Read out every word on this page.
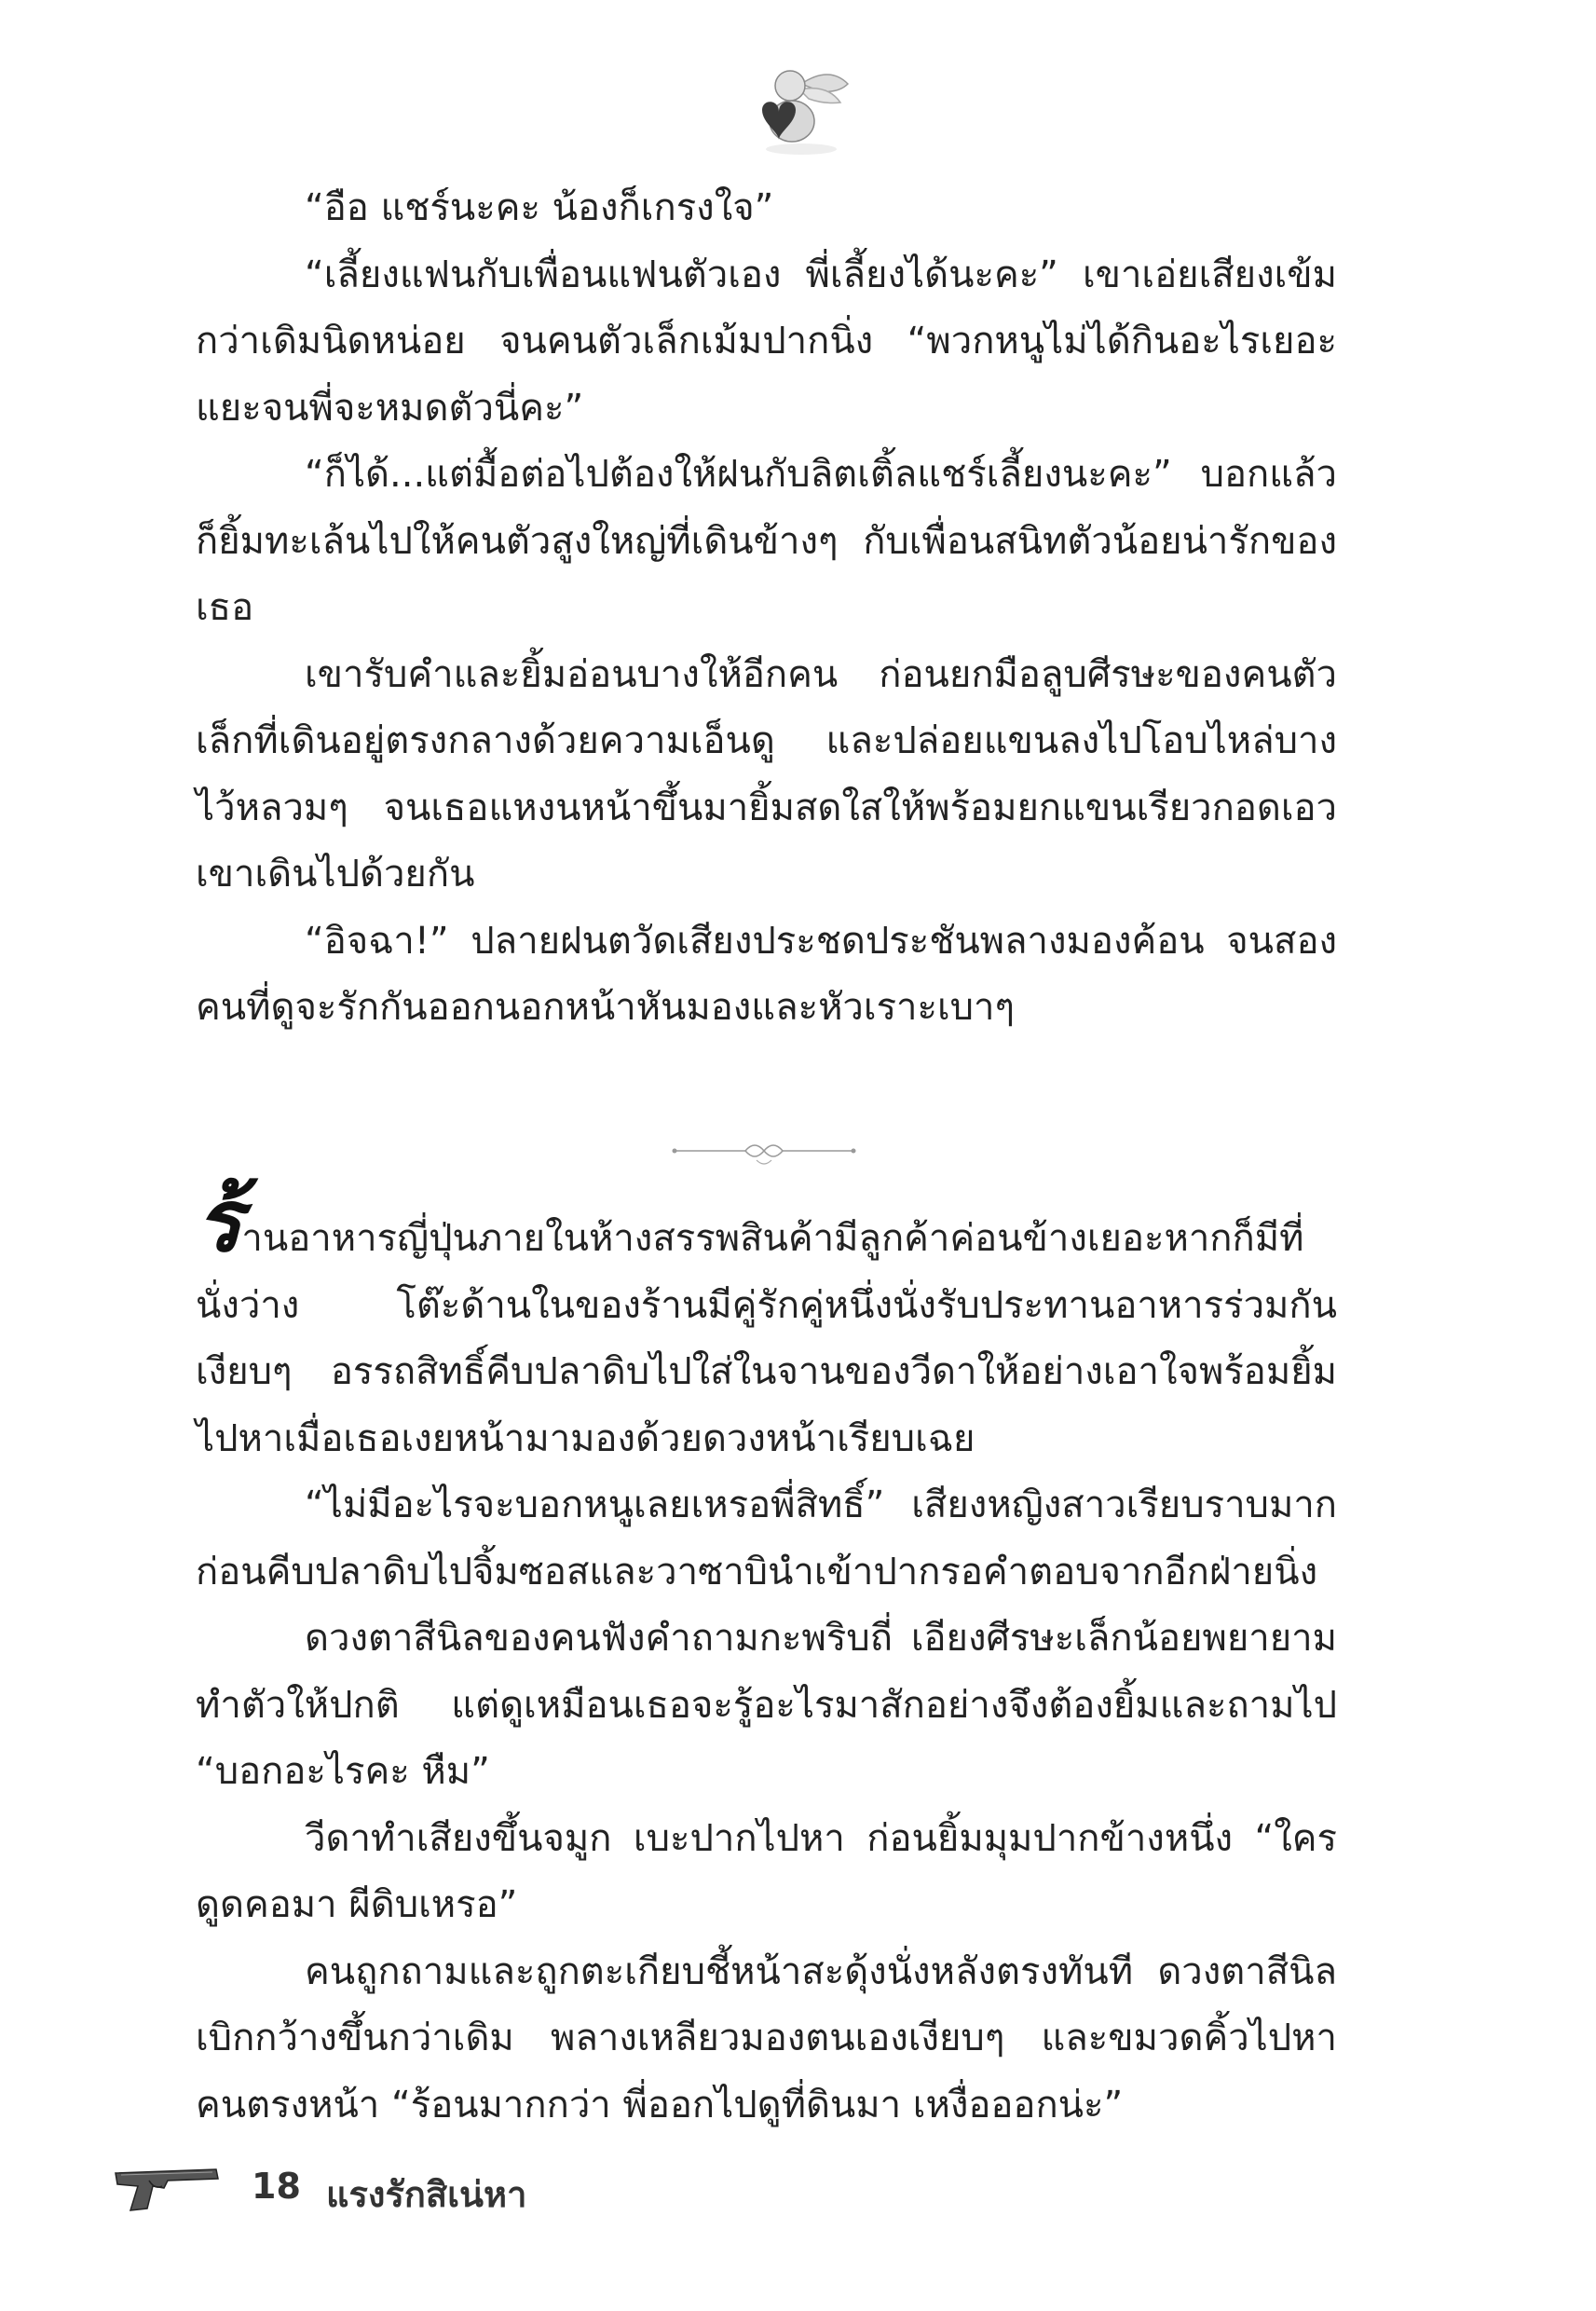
“อือ แชร์นะคะ น้องก็เกรงใจ”

“เลี้ยงแฟนกับเพื่อนแฟนตัวเอง พี่เลี้ยงได้นะคะ” เขาเอ่ยเสียงเข้มกว่าเดิมนิดหน่อย จนคนตัวเล็กเม้มปากนิ่ง “พวกหนูไม่ได้กินอะไรเยอะแยะจนพี่จะหมดตัวนี่คะ”

“ก็ได้...แต่มื้อต่อไปต้องให้ฝนกับลิตเติ้ลแชร์เลี้ยงนะคะ” บอกแล้วก็ยิ้มทะเล้นไปให้คนตัวสูงใหญ่ที่เดินข้างๆ กับเพื่อนสนิทตัวน้อยน่ารักของเธอ

เขารับคำและยิ้มอ่อนบางให้อีกคน ก่อนยกมือลูบศีรษะของคนตัวเล็กที่เดินอยู่ตรงกลางด้วยความเอ็นดู และปล่อยแขนลงไปโอบไหล่บางไว้หลวมๆ จนเธอแหงนหน้าขึ้นมายิ้มสดใสให้พร้อมยกแขนเรียวกอดเอวเขาเดินไปด้วยกัน

“อิจฉา!” ปลายฝนตวัดเสียงประชดประชันพลางมองค้อน จนสองคนที่ดูจะรักกันออกนอกหน้าหันมองและหัวเราะเบาๆ

ร้านอาหารญี่ปุ่นภายในห้างสรรพสินค้ามีลูกค้าค่อนข้างเยอะหากก็มีที่นั่งว่าง โต๊ะด้านในของร้านมีคู่รักคู่หนึ่งนั่งรับประทานอาหารร่วมกันเงียบๆ อรรถสิทธิ์คีบปลาดิบไปใส่ในจานของวีดาให้อย่างเอาใจพร้อมยิ้มไปหาเมื่อเธอเงยหน้ามามองด้วยดวงหน้าเรียบเฉย

“ไม่มีอะไรจะบอกหนูเลยเหรอพี่สิทธิ์” เสียงหญิงสาวเรียบราบมากก่อนคีบปลาดิบไปจิ้มซอสและวาซาบินำเข้าปากรอคำตอบจากอีกฝ่ายนิ่ง

ดวงตาสีนิลของคนฟังคำถามกะพริบถี่ เอียงศีรษะเล็กน้อยพยายามทำตัวให้ปกติ แต่ดูเหมือนเธอจะรู้อะไรมาสักอย่างจึงต้องยิ้มและถามไป “บอกอะไรคะ หืม”

วีดาทำเสียงขึ้นจมูก เบะปากไปหา ก่อนยิ้มมุมปากข้างหนึ่ง “ใครดูดคอมา ผีดิบเหรอ”

คนถูกถามและถูกตะเกียบชี้หน้าสะดุ้งนั่งหลังตรงทันที ดวงตาสีนิลเบิกกว้างขึ้นกว่าเดิม พลางเหลียวมองตนเองเงียบๆ และขมวดคิ้วไปหาคนตรงหน้า “ร้อนมากกว่า พี่ออกไปดูที่ดินมา เหงื่อออกน่ะ”

18 แรงรักสิเน่หา
